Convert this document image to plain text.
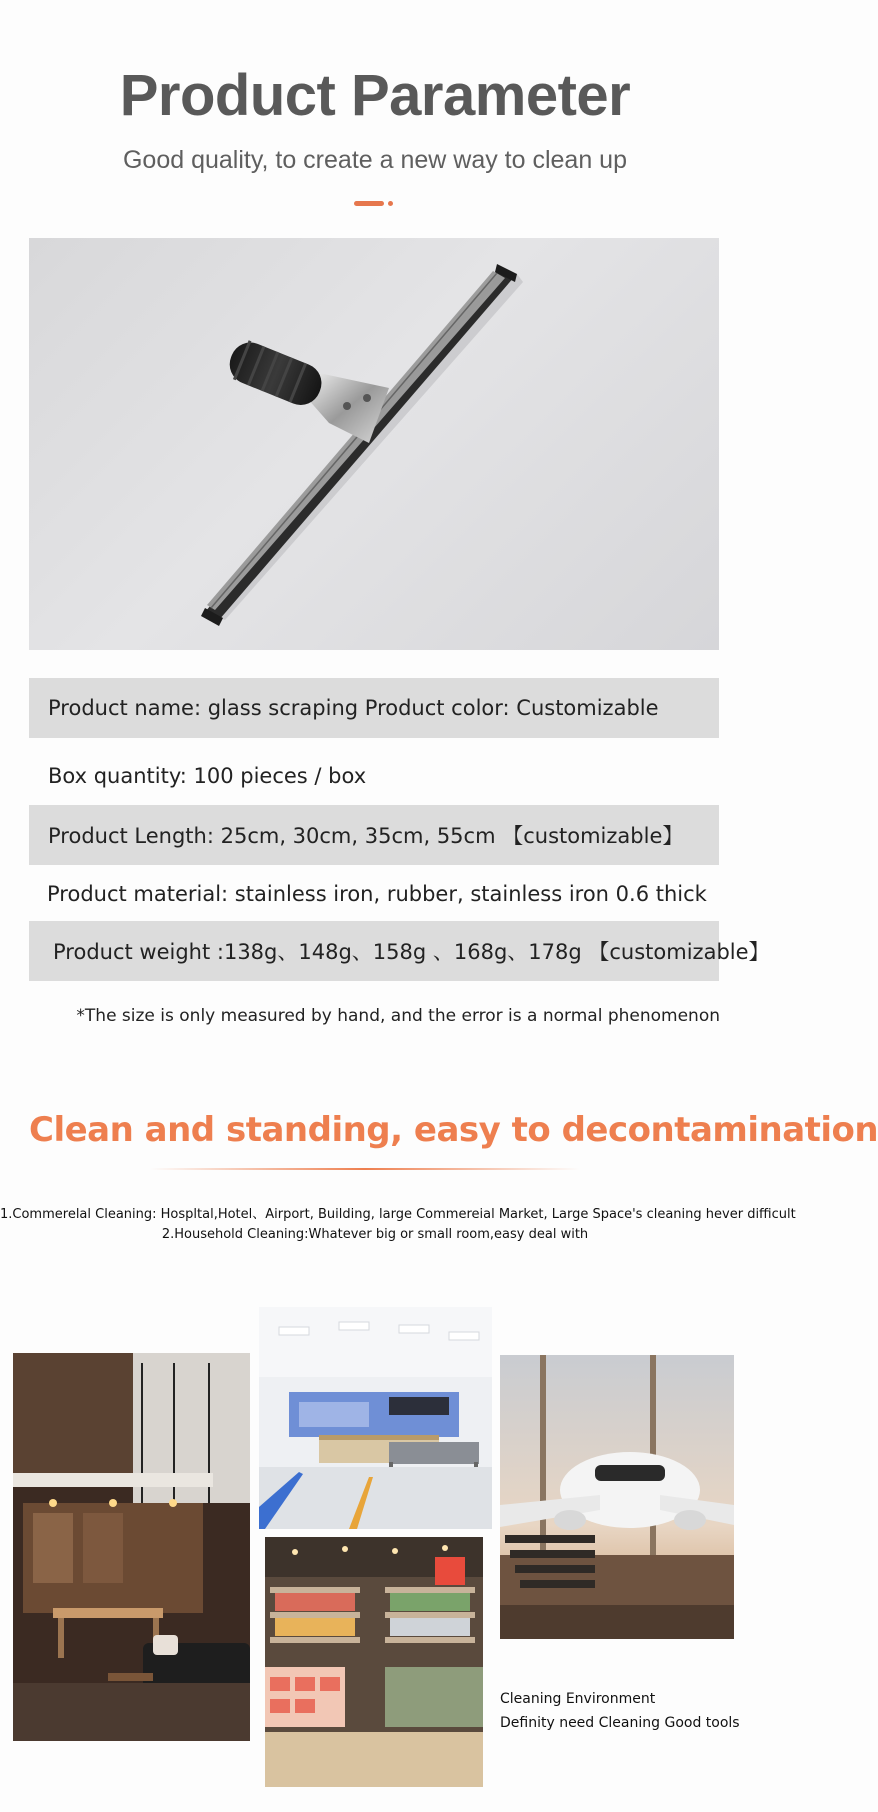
Product Parameter
Good quality, to create a new way to clean up
Product name: glass scraping Product color: Customizable
Box quantity: 100 pieces / box
Product Length: 25cm, 30cm, 35cm, 55cm 【customizable】
Product material: stainless iron, rubber, stainless iron 0.6 thick
Product weight :138g、148g、158g 、168g、178g 【customizable】
*The size is only measured by hand, and the error is a normal phenomenon
Clean and standing, easy to decontamination
1.Commerelal Cleaning: Hospltal,Hotel、Airport, Building, large Commereial Market, Large Space's cleaning hever difficult
2.Household Cleaning:Whatever big or small room,easy deal with
Cleaning Environment
Definity need Cleaning Good tools
